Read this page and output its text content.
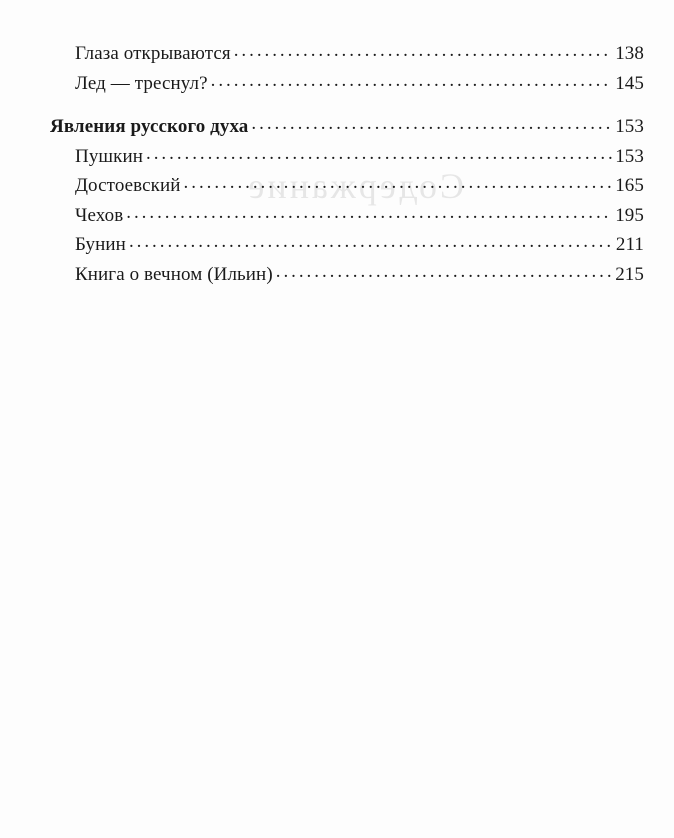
Содержание
Глаза открываются . . .	138
Лед — треснул? . . .	145
Явления русского духа . . .	153
Пушкин . . .	153
Достоевский . . .	165
Чехов . . .	195
Бунин . . .	211
Книга о вечном (Ильин) . . .	215
